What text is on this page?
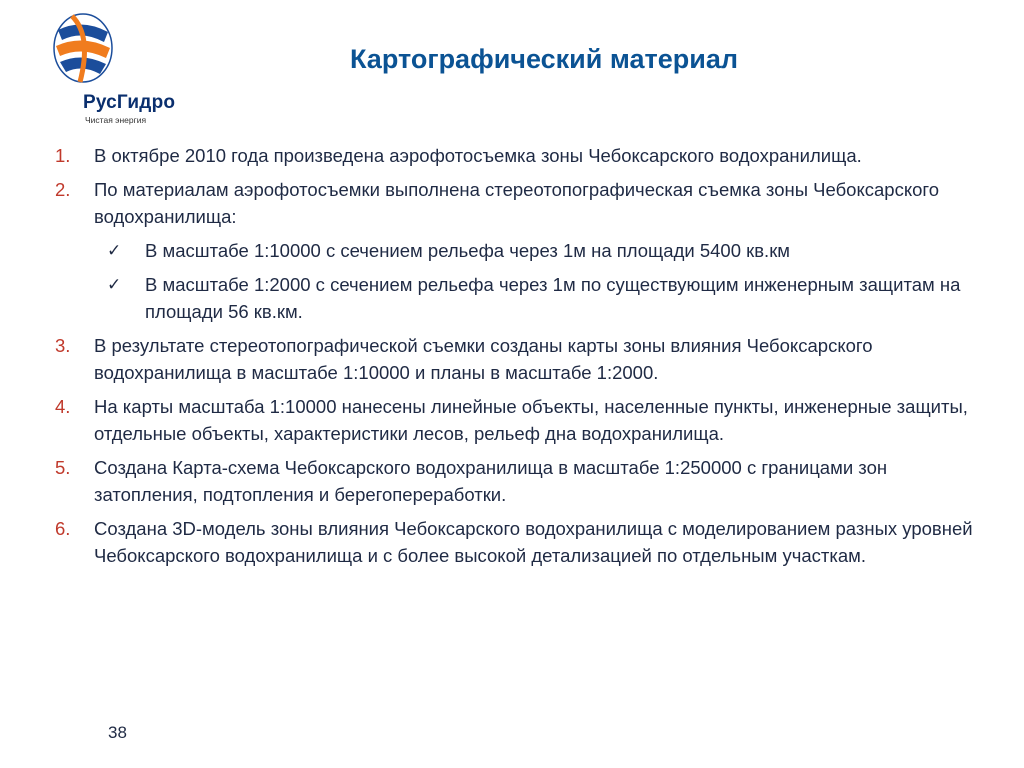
РусГидро
Чистая энергия
Картографический материал
1. В октябре 2010 года произведена аэрофотосъемка зоны Чебоксарского водохранилища.
2. По материалам аэрофотосъемки выполнена стереотопографическая съемка зоны Чебоксарского водохранилища:
✓ В масштабе 1:10000 с сечением рельефа через 1м на площади 5400 кв.км
✓ В масштабе 1:2000 с сечением рельефа через 1м по существующим инженерным защитам на площади 56 кв.км.
3. В результате стереотопографической съемки созданы карты зоны влияния Чебоксарского водохранилища в масштабе 1:10000 и планы в масштабе 1:2000.
4. На карты масштаба 1:10000 нанесены линейные объекты, населенные пункты, инженерные защиты, отдельные объекты, характеристики лесов, рельеф дна водохранилища.
5. Создана Карта-схема Чебоксарского водохранилища в масштабе 1:250000 с границами зон затопления, подтопления и берегопереработки.
6. Создана 3D-модель зоны влияния Чебоксарского водохранилища с моделированием разных уровней Чебоксарского водохранилища и с более высокой детализацией по отдельным участкам.
38
